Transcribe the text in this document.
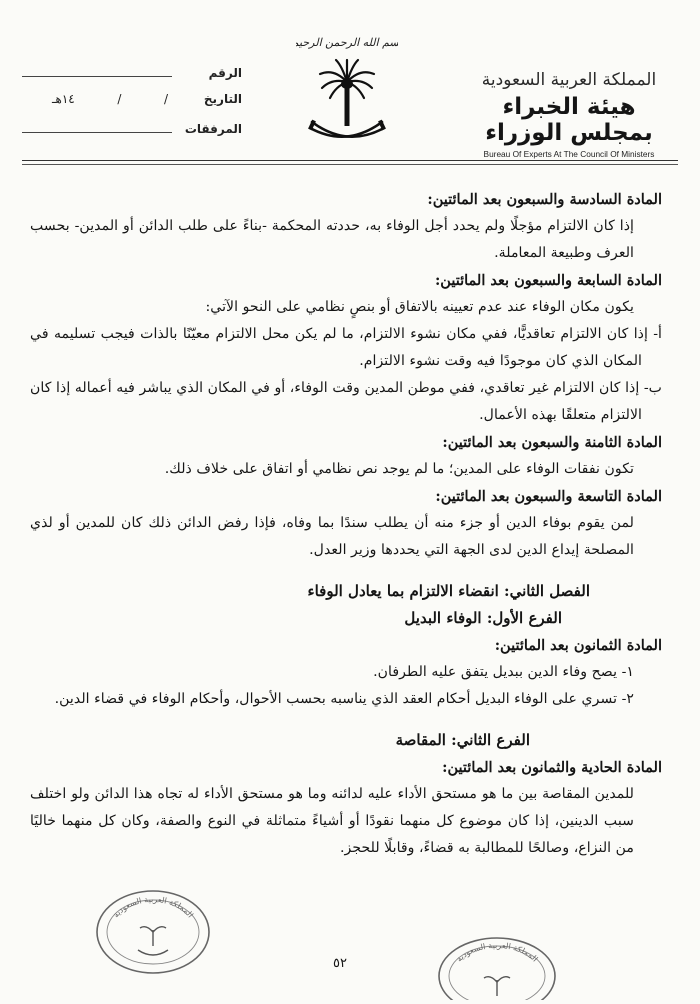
الرقم
التاريخ
/
/
١٤هـ
المرفقات
بسم الله الرحمن الرحيم
المملكة العربية السعودية
هيئة الخبراء بمجلس الوزراء
Bureau Of Experts At The Council Of Ministers

المادة السادسة والسبعون بعد المائتين:

إذا كان الالتزام مؤجلًا ولم يحدد أجل الوفاء به، حددته المحكمة -بناءً على طلب الدائن أو المدين- بحسب العرف وطبيعة المعاملة.

المادة السابعة والسبعون بعد المائتين:

يكون مكان الوفاء عند عدم تعيينه بالاتفاق أو بنصٍ نظامي على النحو الآتي:

أ- إذا كان الالتزام تعاقديًّا، ففي مكان نشوء الالتزام، ما لم يكن محل الالتزام معيّنًا بالذات فيجب تسليمه في المكان الذي كان موجودًا فيه وقت نشوء الالتزام.

ب- إذا كان الالتزام غير تعاقدي، ففي موطن المدين وقت الوفاء، أو في المكان الذي يباشر فيه أعماله إذا كان الالتزام متعلقًا بهذه الأعمال.

المادة الثامنة والسبعون بعد المائتين:

تكون نفقات الوفاء على المدين؛ ما لم يوجد نص نظامي أو اتفاق على خلاف ذلك.

المادة التاسعة والسبعون بعد المائتين:

لمن يقوم بوفاء الدين أو جزء منه أن يطلب سندًا بما وفاه، فإذا رفض الدائن ذلك كان للمدين أو لذي المصلحة إيداع الدين لدى الجهة التي يحددها وزير العدل.

الفصل الثاني: انقضاء الالتزام بما يعادل الوفاء

الفرع الأول: الوفاء البديل

المادة الثمانون بعد المائتين:

١- يصح وفاء الدين ببديل يتفق عليه الطرفان.

٢- تسري على الوفاء البديل أحكام العقد الذي يناسبه بحسب الأحوال، وأحكام الوفاء في قضاء الدين.

الفرع الثاني: المقاصة

المادة الحادية والثمانون بعد المائتين:

للمدين المقاصة بين ما هو مستحق الأداء عليه لدائنه وما هو مستحق الأداء له تجاه هذا الدائن ولو اختلف سبب الدينين، إذا كان موضوع كل منهما نقودًا أو أشياءً متماثلة في النوع والصفة، وكان كل منهما خاليًا من النزاع، وصالحًا للمطالبة به قضاءً، وقابلًا للحجز.

المملكة العربية السعودية
المملكة العربية السعودية
٥٢
